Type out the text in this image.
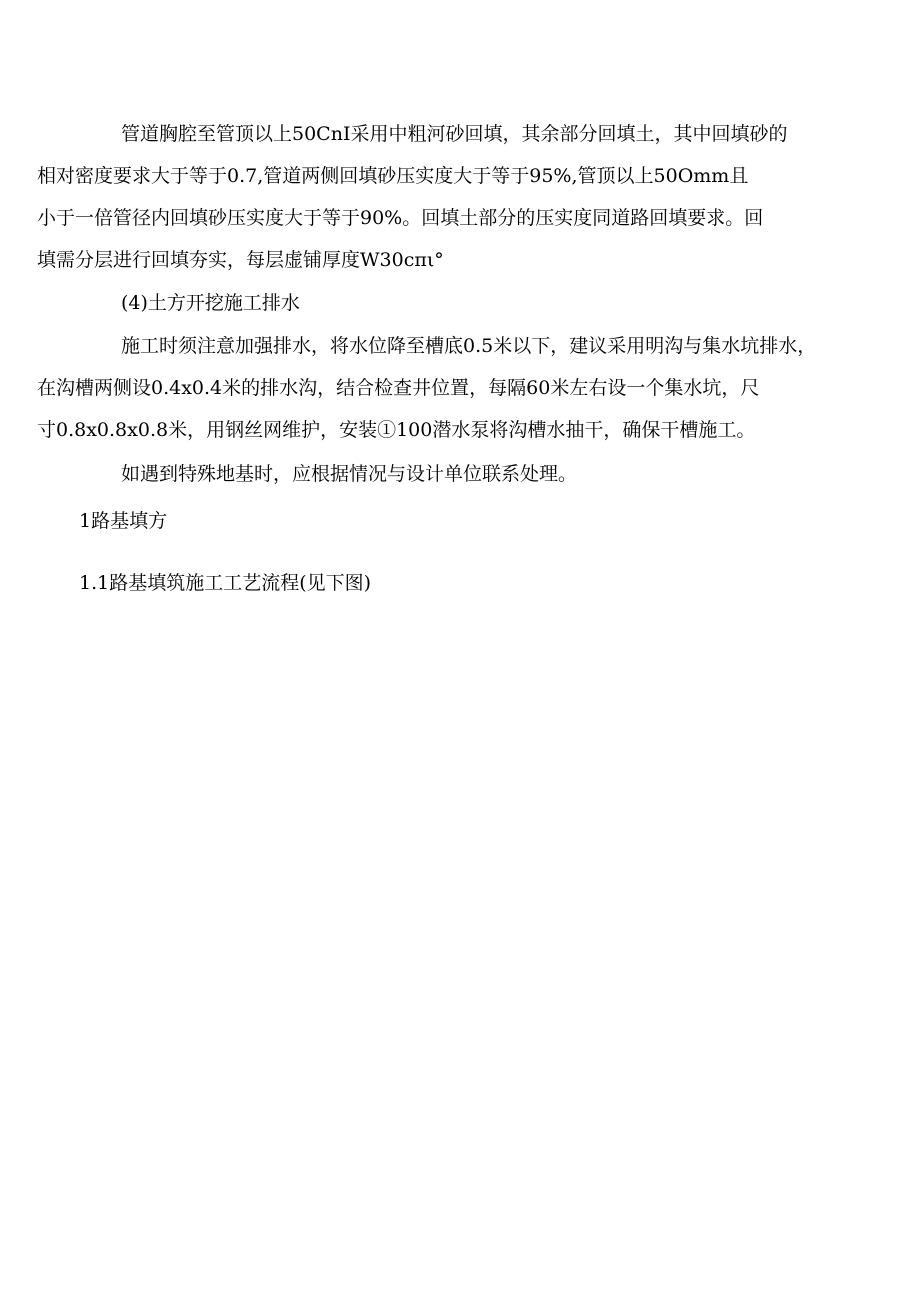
管道胸腔至管顶以上50CnI采用中粗河砂回填，其余部分回填土，其中回填砂的
相对密度要求大于等于0.7,管道两侧回填砂压实度大于等于95%,管顶以上50Omm且
小于一倍管径内回填砂压实度大于等于90%。回填土部分的压实度同道路回填要求。回
填需分层进行回填夯实，每层虚铺厚度W30cπι°
(4)土方开挖施工排水
施工时须注意加强排水，将水位降至槽底0.5米以下，建议采用明沟与集水坑排水，
在沟槽两侧设0.4x0.4米的排水沟，结合检查井位置，每隔60米左右设一个集水坑，尺
寸0.8x0.8x0.8米，用钢丝网维护，安装①100潜水泵将沟槽水抽干，确保干槽施工。
如遇到特殊地基时，应根据情况与设计单位联系处理。
1路基填方
1.1路基填筑施工工艺流程(见下图)
